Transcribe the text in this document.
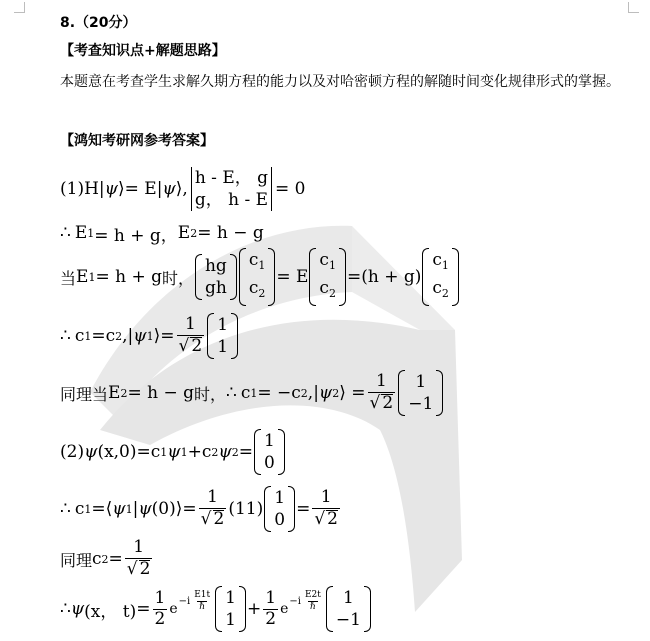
8.（20分）
【考查知识点+解题思路】
本题意在考查学生求解久期方程的能力以及对哈密顿方程的解随时间变化规律形式的掌握。
【鸿知考研网参考答案】
(1)H | ψ ⟩ = E | ψ ⟩,
h - E， g
g， h - E
= 0
∴ E 1 = h + g， E 2 = h − g
当 E 1 = h + g 时，
hg
gh
$c_1$
$c_2$
= E
$c_1$
$c_2$
= (h + g)
$c_1$
$c_2$
∴ c 1 = c 2 , | ψ 1 ⟩ = $\frac{1}{√ 2} 1$
1
同理当 E 2 = h − g 时， ∴ c 1 = − c 2 , | ψ 2 ⟩ = $\frac{1}{√ 2} 1$
−1
(2) ψ (x,0) = c 1 ψ 1 + c 2 ψ 2 =
1
0
∴ c 1 = ⟨ ψ 1 | ψ (0) ⟩ = $\frac{1}{√ 2} (11)$
1
0
= $\frac{1}{√ 2}$
同理 c $2 = \frac{1}{√ 2}$
∴ ψ (x， $t) = \frac{1}{2}$ $e -i \frac{E1t}{\text{ℏ}} 1$
1
+ $\frac{1}{2}$ $e -i \frac{E2t}{\text{ℏ}} 1$
−1
